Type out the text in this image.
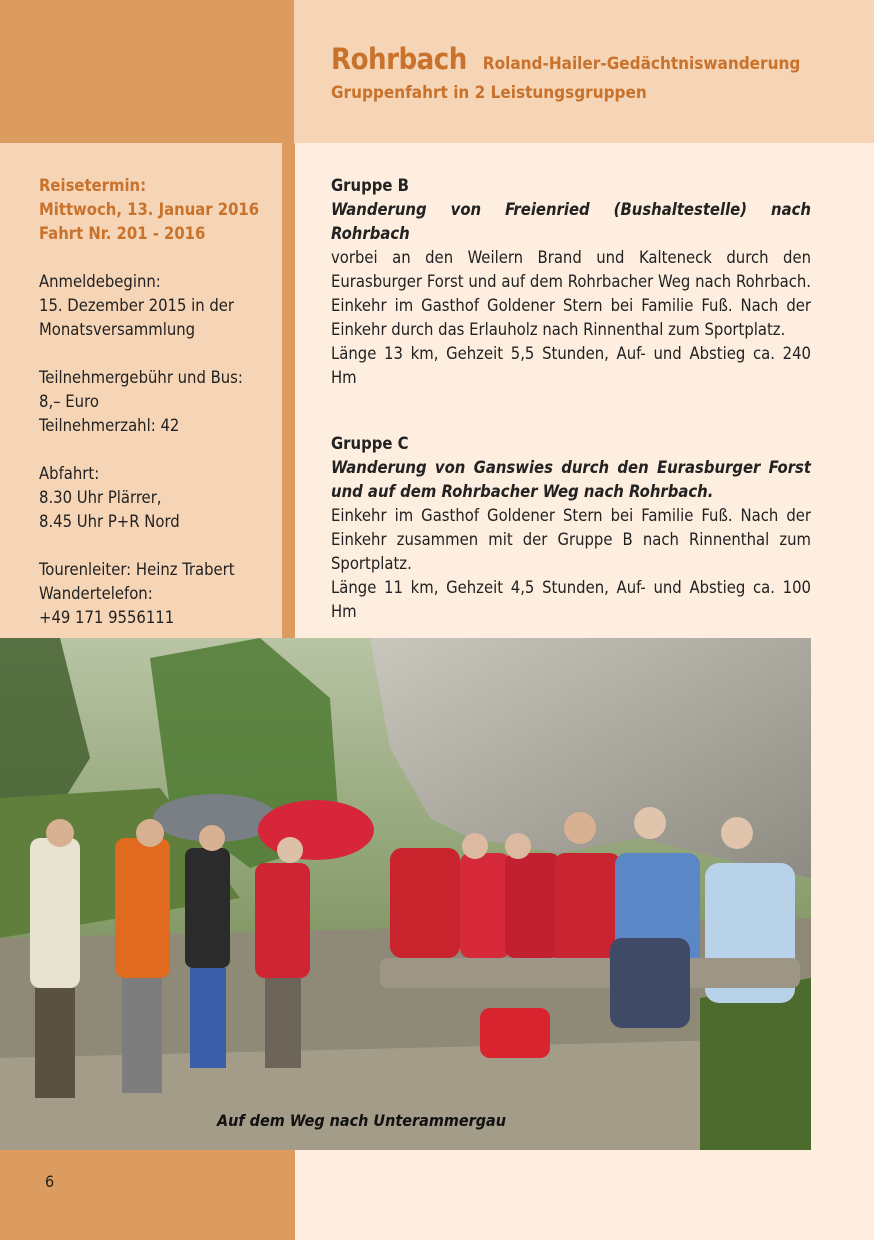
Rohrbach Roland-Hailer-Gedächtniswanderung
Gruppenfahrt in 2 Leistungsgruppen

Reisetermin:
Mittwoch, 13. Januar 2016
Fahrt Nr. 201 - 2016

Anmeldebeginn:
15. Dezember 2015 in der
Monatsversammlung

Teilnehmergebühr und Bus:
8,– Euro
Teilnehmerzahl: 42

Abfahrt:
8.30 Uhr Plärrer,
8.45 Uhr P+R Nord

Tourenleiter: Heinz Trabert
Wandertelefon:
+49 171 9556111

Gruppe B
Wanderung von Freienried (Bushaltestelle) nach Rohrbach
vorbei an den Weilern Brand und Kalteneck durch den Eurasburger Forst und auf dem Rohrbacher Weg nach Rohrbach. Einkehr im Gasthof Goldener Stern bei Familie Fuß. Nach der Einkehr durch das Erlauholz nach Rinnenthal zum Sportplatz.
Länge 13 km, Gehzeit 5,5 Stunden, Auf- und Abstieg ca. 240 Hm
Gruppe C
Wanderung von Ganswies durch den Eurasburger Forst und auf dem Rohrbacher Weg nach Rohrbach.
Einkehr im Gasthof Goldener Stern bei Familie Fuß. Nach der Einkehr zusammen mit der Gruppe B nach Rinnenthal zum Sportplatz.
Länge 11 km, Gehzeit 4,5 Stunden, Auf- und Abstieg ca. 100 Hm
Auf dem Weg nach Unterammergau
6
